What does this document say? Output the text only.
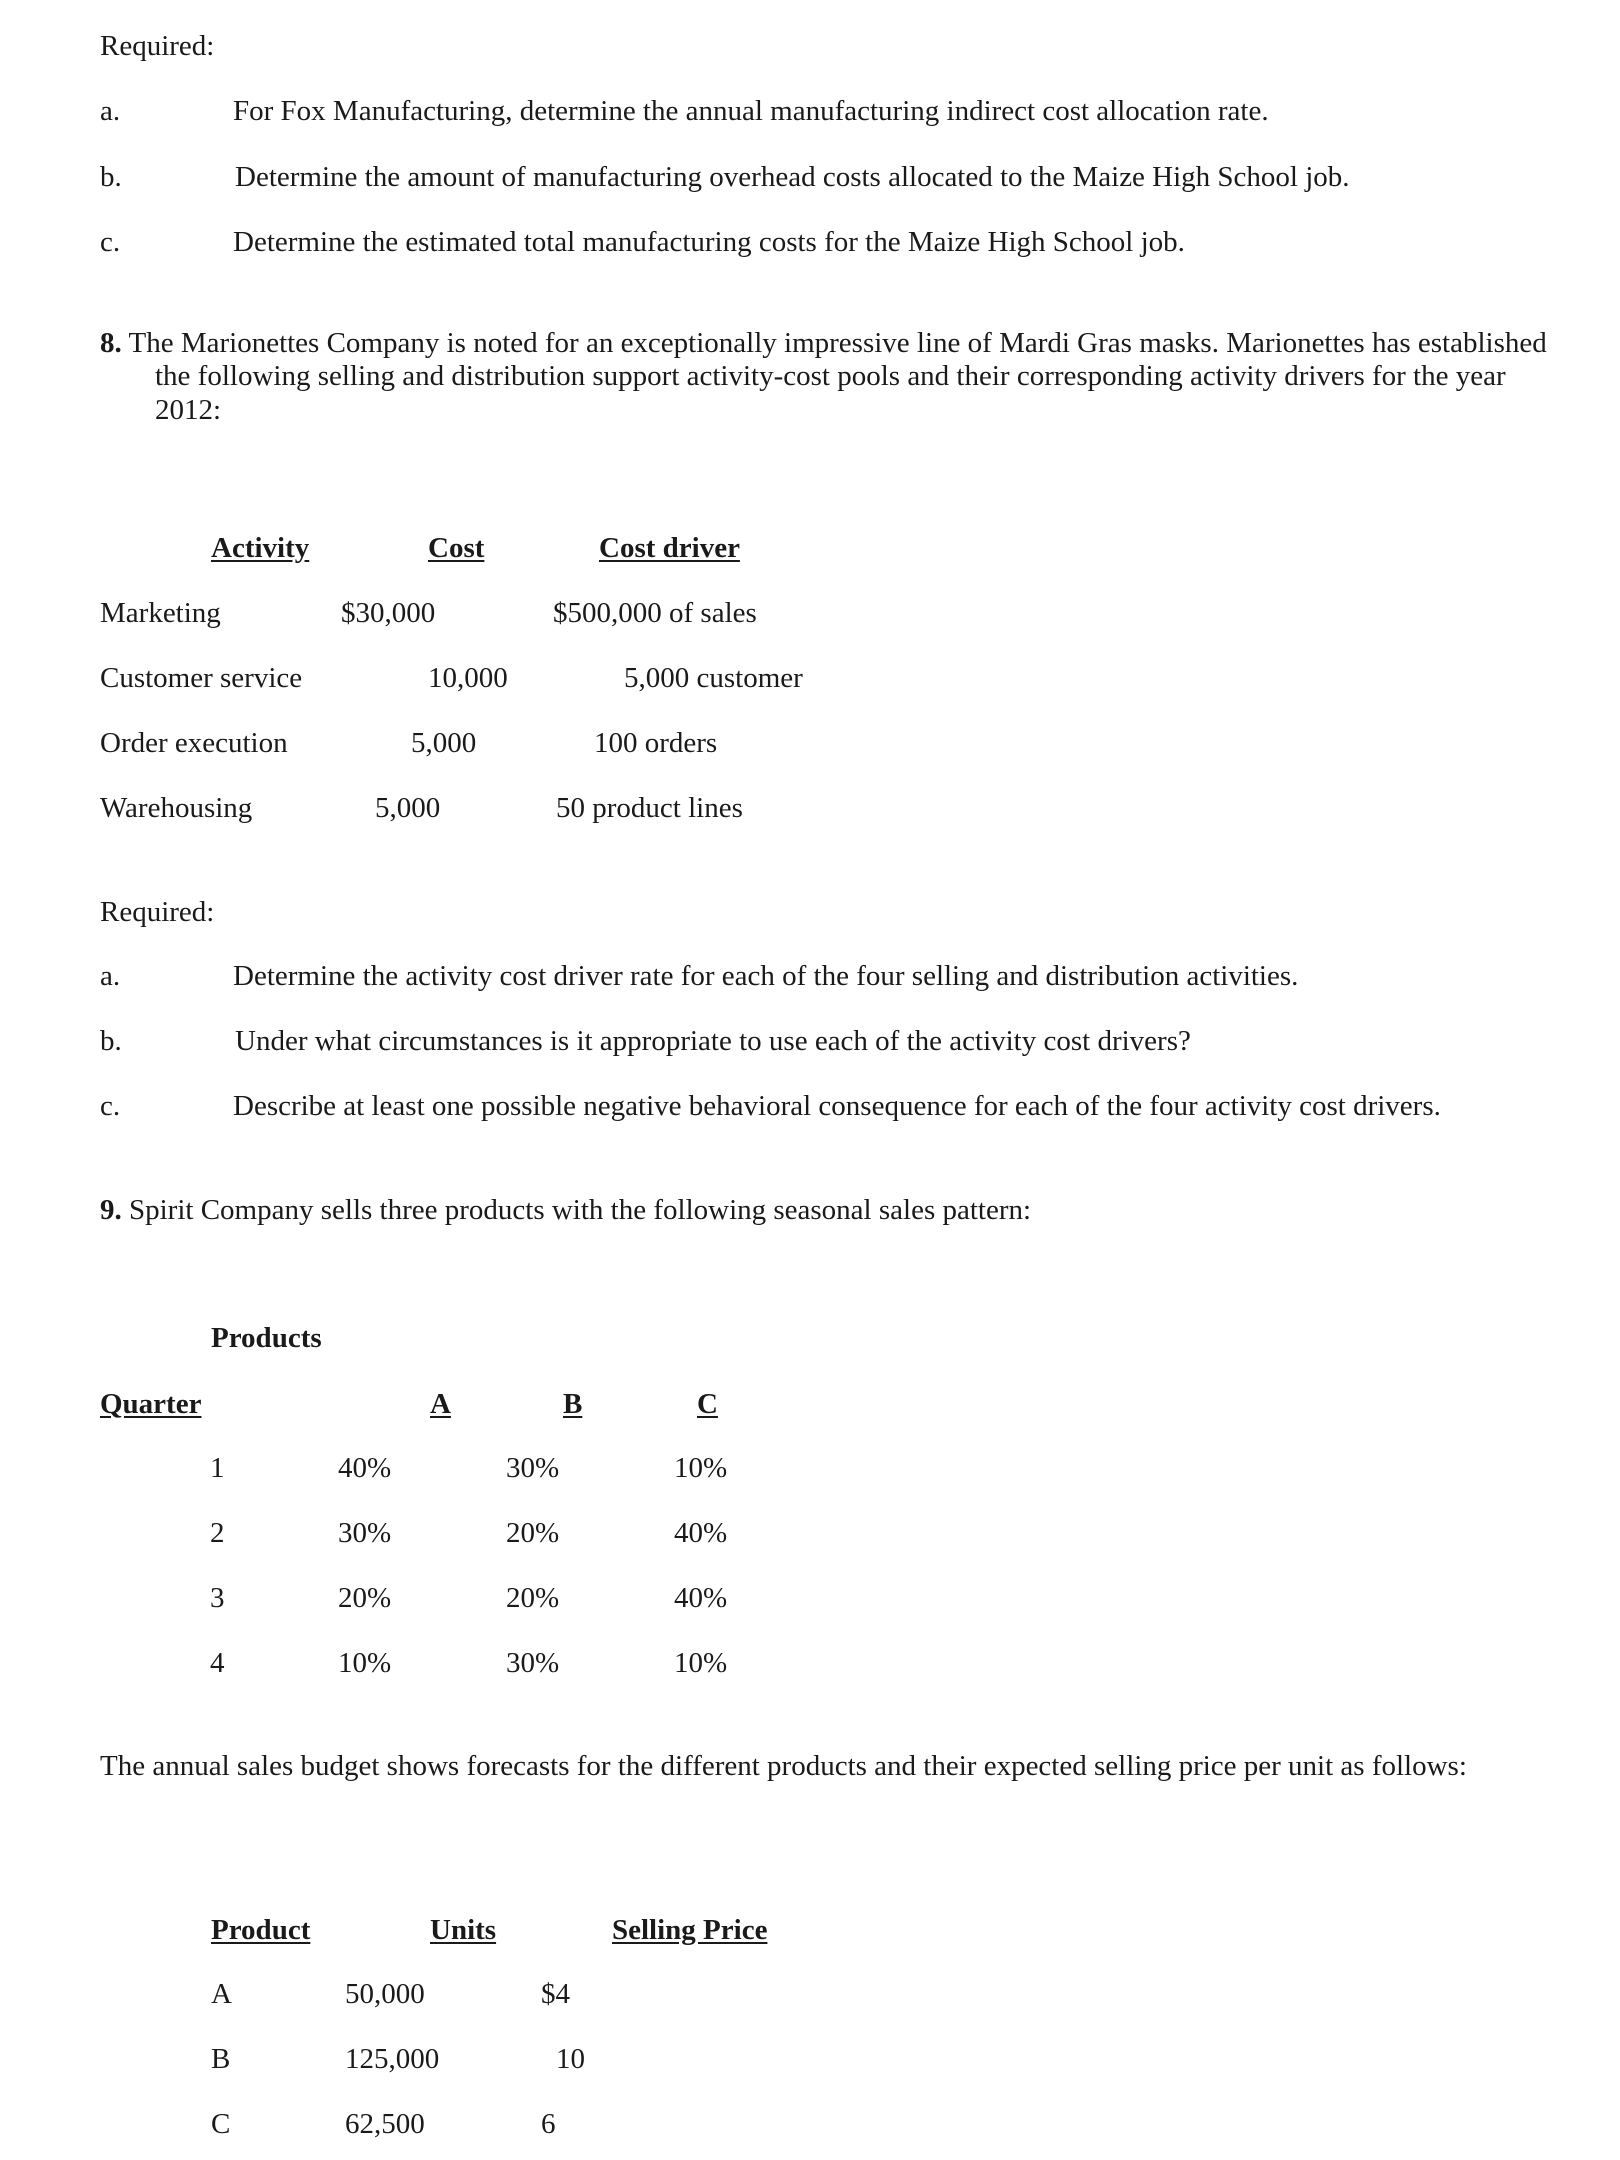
Required:
a.	For Fox Manufacturing, determine the annual manufacturing indirect cost allocation rate.
b.	Determine the amount of manufacturing overhead costs allocated to the Maize High School job.
c.	Determine the estimated total manufacturing costs for the Maize High School job.
8. The Marionettes Company is noted for an exceptionally impressive line of Mardi Gras masks. Marionettes has established the following selling and distribution support activity-cost pools and their corresponding activity drivers for the year 2012:
Activity	Cost	Cost driver
Marketing	$30,000	$500,000 of sales
Customer service	10,000	5,000 customer
Order execution	5,000	100 orders
Warehousing	5,000	50 product lines
Required:
a.	Determine the activity cost driver rate for each of the four selling and distribution activities.
b.	Under what circumstances is it appropriate to use each of the activity cost drivers?
c.	Describe at least one possible negative behavioral consequence for each of the four activity cost drivers.
9. Spirit Company sells three products with the following seasonal sales pattern:
Products
Quarter	A	B	C
1	40%	30%	10%
2	30%	20%	40%
3	20%	20%	40%
4	10%	30%	10%
The annual sales budget shows forecasts for the different products and their expected selling price per unit as follows:
Product	Units	Selling Price
A	50,000	$4
B	125,000	10
C	62,500	6
